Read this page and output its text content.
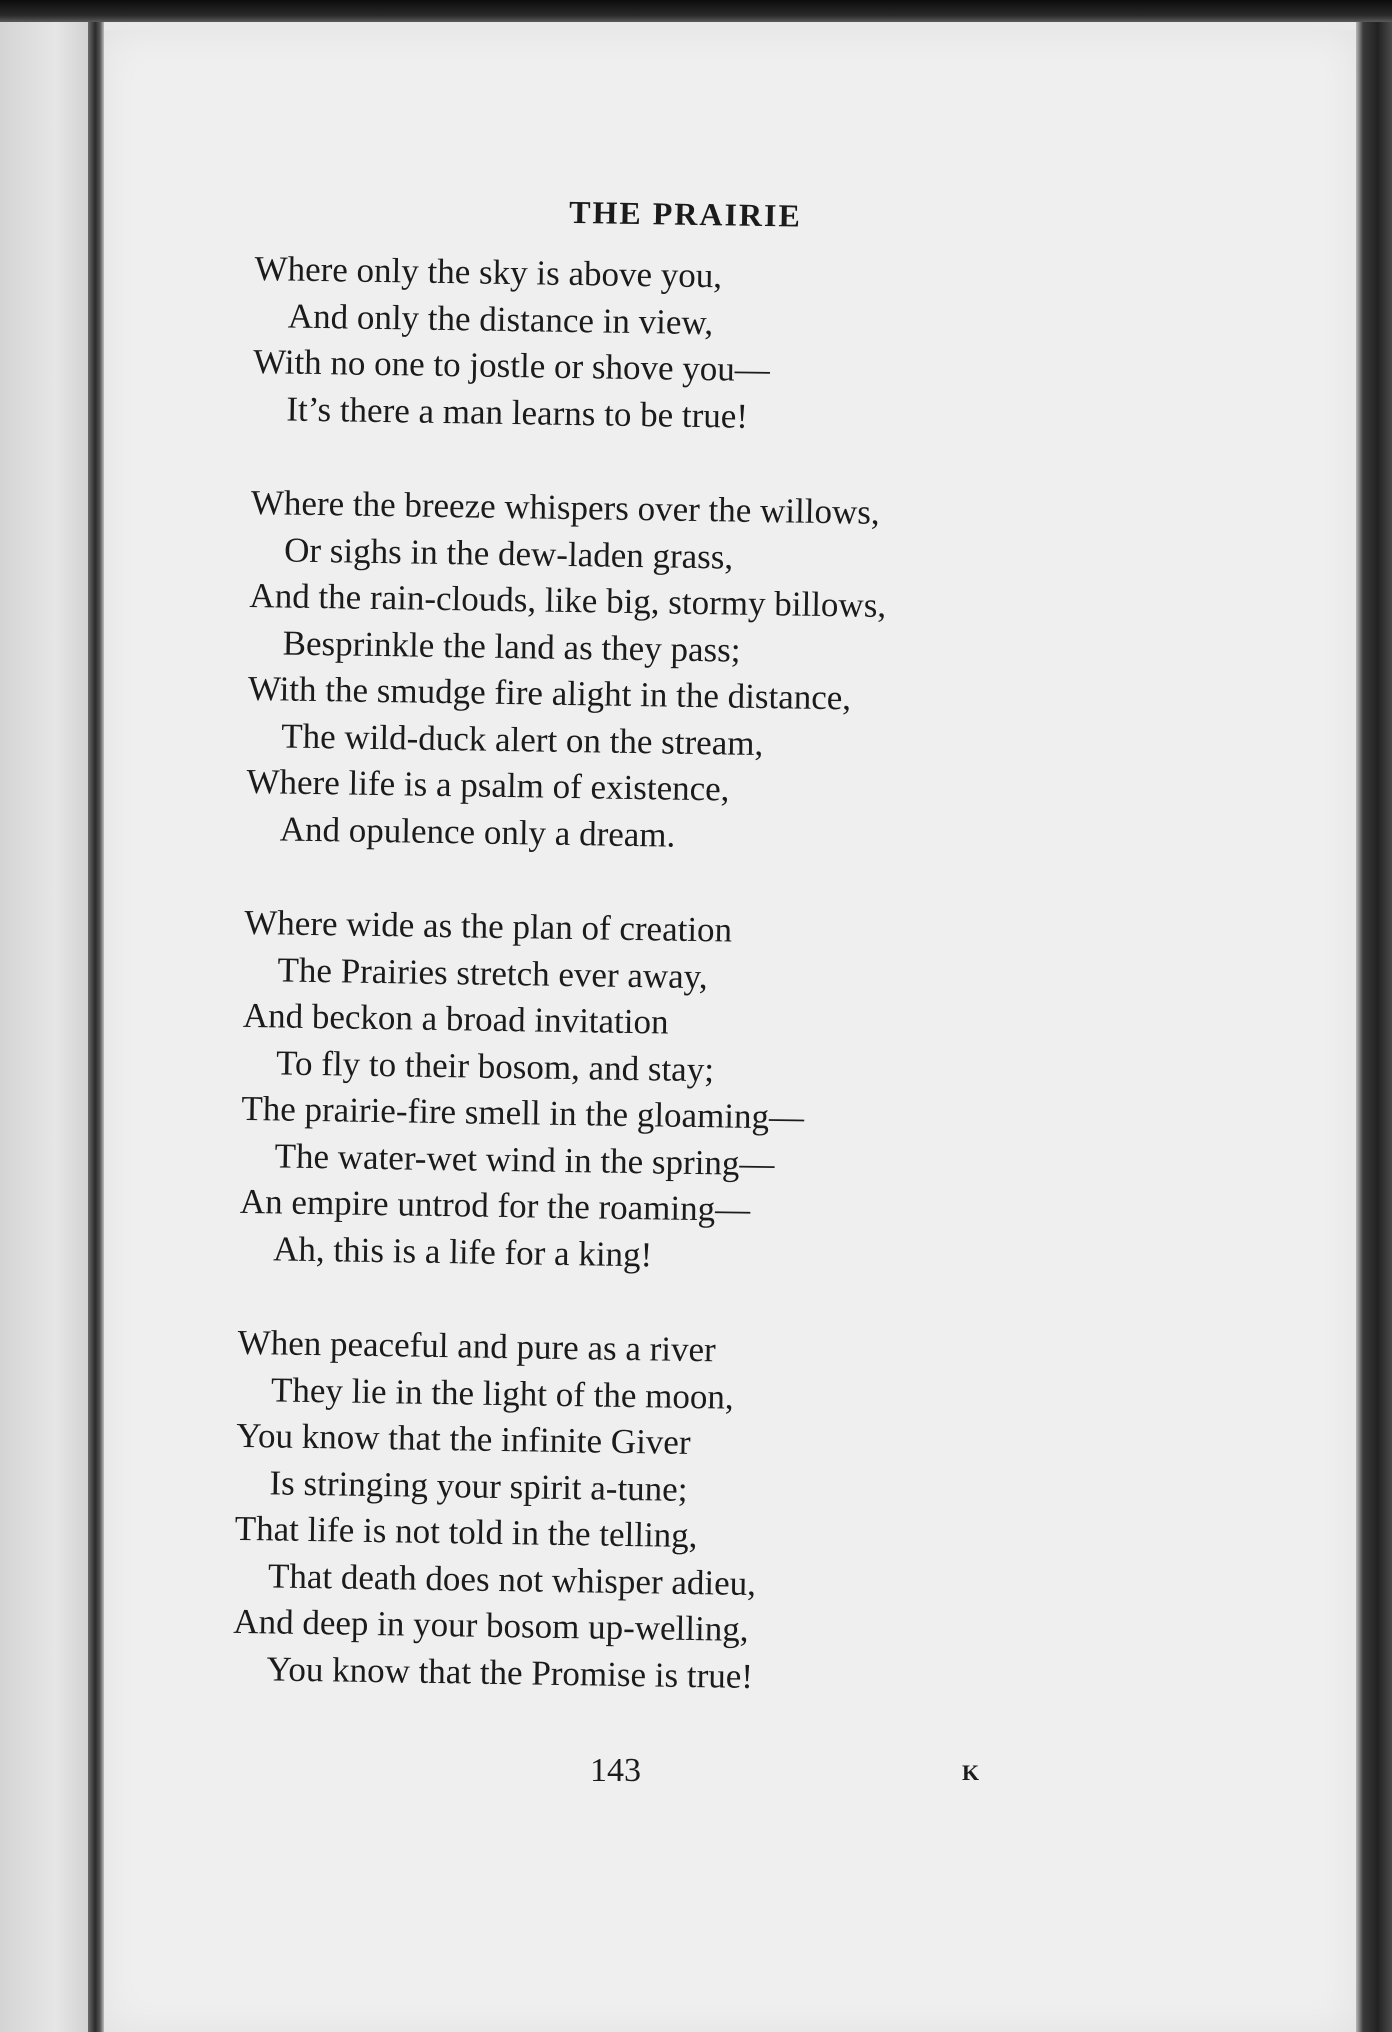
THE PRAIRIE
Where only the sky is above you,
And only the distance in view,
With no one to jostle or shove you—
It’s there a man learns to be true!
Where the breeze whispers over the willows,
Or sighs in the dew-laden grass,
And the rain-clouds, like big, stormy billows,
Besprinkle the land as they pass;
With the smudge fire alight in the distance,
The wild-duck alert on the stream,
Where life is a psalm of existence,
And opulence only a dream.
Where wide as the plan of creation
The Prairies stretch ever away,
And beckon a broad invitation
To fly to their bosom, and stay;
The prairie-fire smell in the gloaming—
The water-wet wind in the spring—
An empire untrod for the roaming—
Ah, this is a life for a king!
When peaceful and pure as a river
They lie in the light of the moon,
You know that the infinite Giver
Is stringing your spirit a-tune;
That life is not told in the telling,
That death does not whisper adieu,
And deep in your bosom up-welling,
You know that the Promise is true!
143	K
